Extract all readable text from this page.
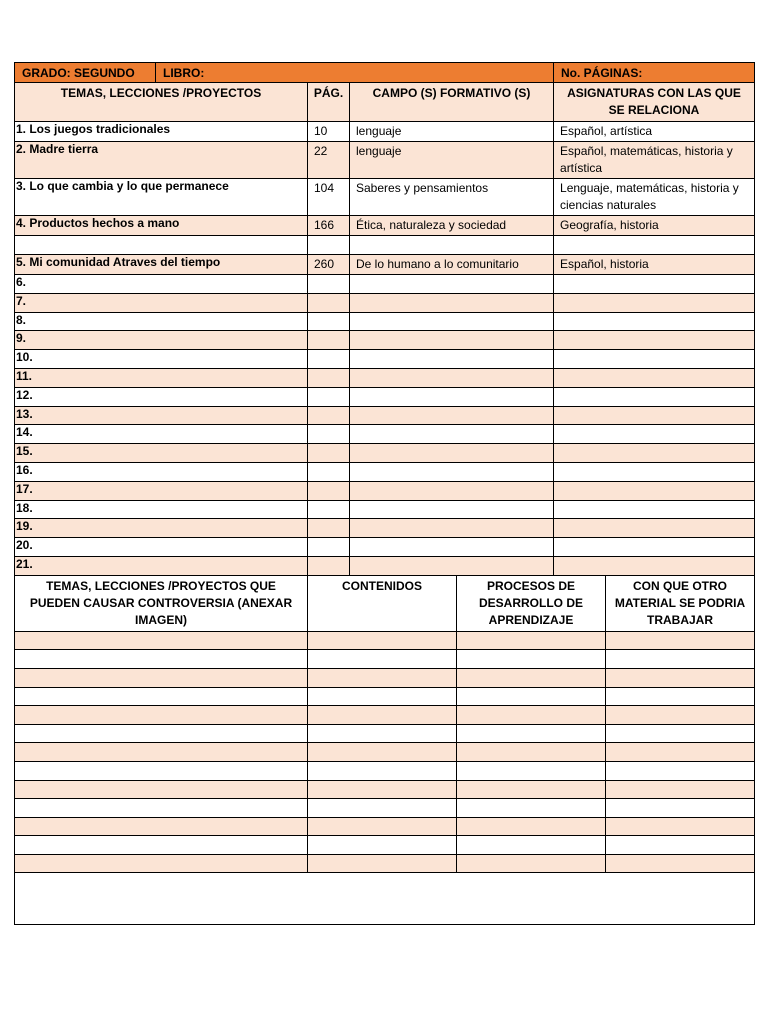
GRADO: SEGUNDO	LIBRO:			No. PÁGINAS:
TEMAS, LECCIONES /PROYECTOS		PÁG.	CAMPO (S) FORMATIVO (S)	ASIGNATURAS CON LAS QUE SE RELACIONA

1. Los juegos tradicionales		10	lenguaje	Español, artística

2. Madre tierra		22	lenguaje	Español, matemáticas, historia y artística

3. Lo que cambia y lo que permanece		104	Saberes y pensamientos	Lenguaje, matemáticas, historia y ciencias naturales

4. Productos hechos a mano		166	Ética, naturaleza y sociedad	Geografía, historia

5. Mi comunidad Atraves del tiempo		260	De lo humano a lo comunitario	Español, historia

6.				

7.				

8.				

9.				

10.				

11.				

12.				

13.				

14.				

15.				

16.				

17.				

18.				

19.				

20.				

21.				

TEMAS, LECCIONES /PROYECTOS QUE PUEDEN CAUSAR CONTROVERSIA (ANEXAR IMAGEN)	CONTENIDOS	PROCESOS DE DESARROLLO DE APRENDIZAJE	CON QUE OTRO MATERIAL SE PODRIA TRABAJAR
